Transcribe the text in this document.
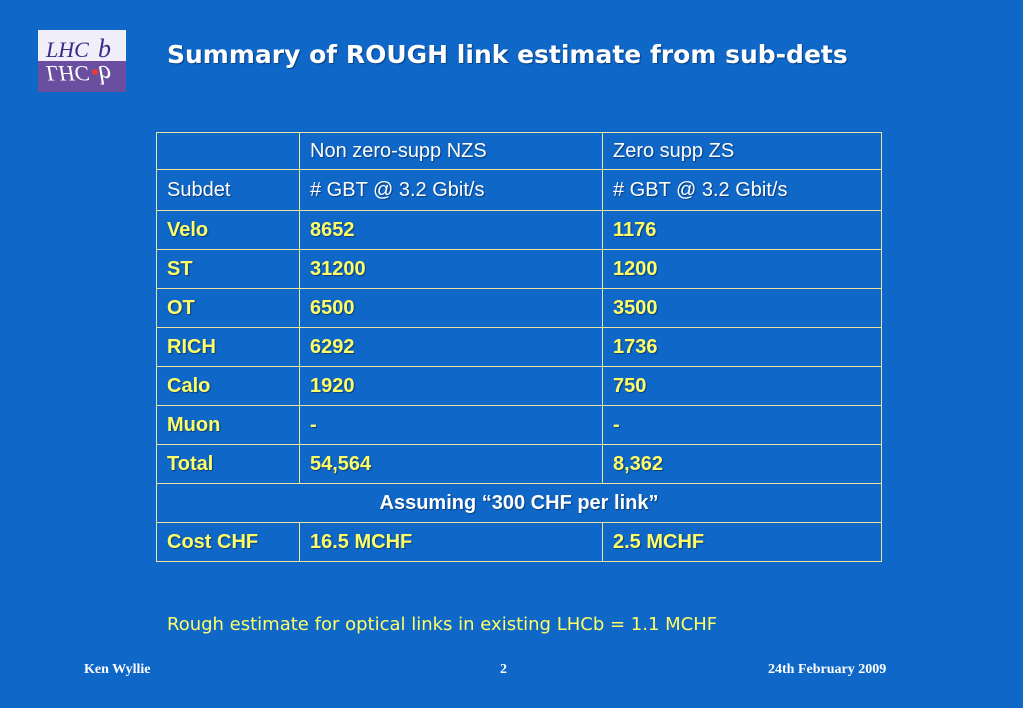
LHC b
LHC b
Summary of ROUGH link estimate from sub-dets
	Non zero-supp NZS	Zero supp ZS
Subdet	# GBT @ 3.2 Gbit/s	# GBT @ 3.2 Gbit/s
Velo	8652	1176
ST	31200	1200
OT	6500	3500
RICH	6292	1736
Calo	1920	750
Muon	-	-
Total	54,564	8,362
Assuming “300 CHF per link”		
Cost CHF	16.5 MCHF	2.5 MCHF
Rough estimate for optical links in existing LHCb = 1.1 MCHF
Ken Wyllie	2	24th February 2009
